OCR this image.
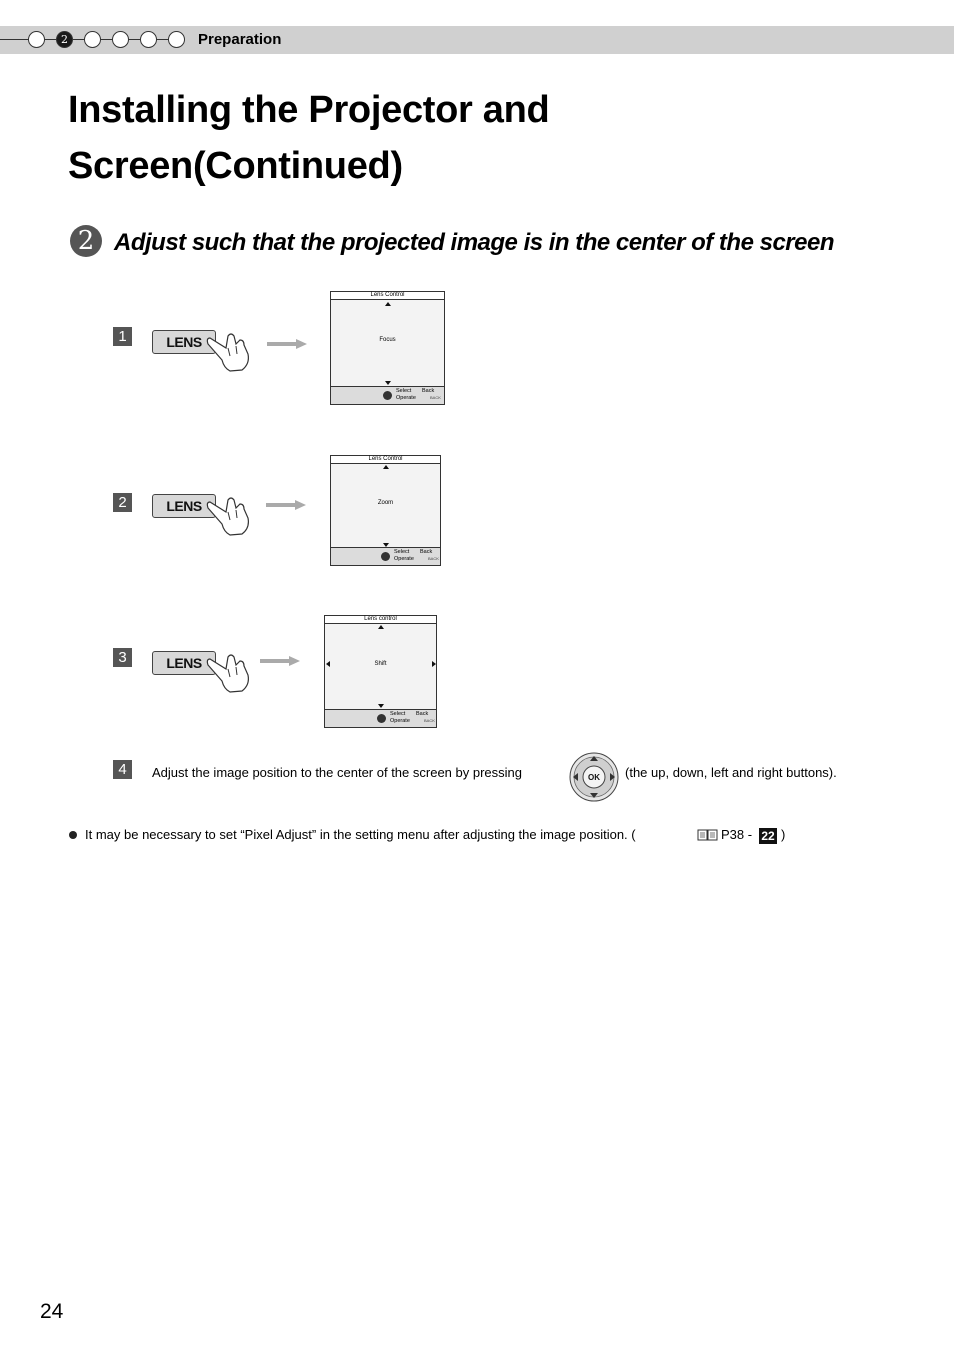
2	Preparation
Installing the Projector and
Screen(Continued)
2 Adjust such that the projected image is in the center of the screen
1	LENS
Lens Control
Focus
Select
Operate
Back
BACK
2	LENS
Lens Control
Zoom
Select
Operate
Back
BACK
3	LENS
Lens control
Shift
Select
Operate
Back
BACK
4	Adjust the image position to the center of the screen by pressing	OK (the up, down, left and right buttons).
It may be necessary to set “Pixel Adjust” in the setting menu after adjusting the image position. (	P38 - 22 )
24
